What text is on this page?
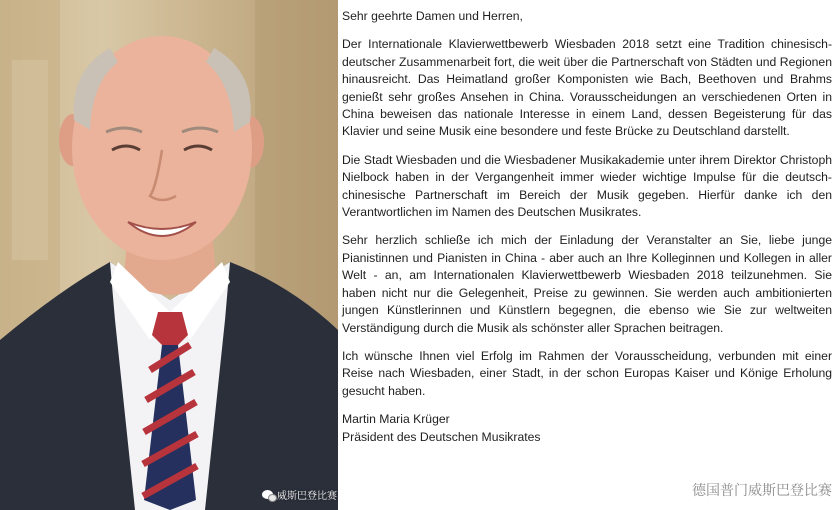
威斯巴登比赛

Sehr geehrte Damen und Herren,

Der Internationale Klavierwettbewerb Wiesbaden 2018 setzt eine Tradition chinesisch-deutscher Zusammenarbeit fort, die weit über die Partnerschaft von Städten und Regionen hinausreicht. Das Heimatland großer Komponisten wie Bach, Beethoven und Brahms genießt sehr großes Ansehen in China. Vorausscheidungen an verschiedenen Orten in China beweisen das nationale Interesse in einem Land, dessen Begeisterung für das Klavier und seine Musik eine besondere und feste Brücke zu Deutschland darstellt.

Die Stadt Wiesbaden und die Wiesbadener Musikakademie unter ihrem Direktor Christoph Nielbock haben in der Vergangenheit immer wieder wichtige Impulse für die deutsch-chinesische Partnerschaft im Bereich der Musik gegeben. Hierfür danke ich den Verantwortlichen im Namen des Deutschen Musikrates.

Sehr herzlich schließe ich mich der Einladung der Veranstalter an Sie, liebe junge Pianistinnen und Pianisten in China - aber auch an Ihre Kolleginnen und Kollegen in aller Welt - an, am Internationalen Klavierwettbewerb Wiesbaden 2018 teilzunehmen. Sie haben nicht nur die Gelegenheit, Preise zu gewinnen. Sie werden auch ambitionierten jungen Künstlerinnen und Künstlern begegnen, die ebenso wie Sie zur weltweiten Verständigung durch die Musik als schönster aller Sprachen beitragen.

Ich wünsche Ihnen viel Erfolg im Rahmen der Vorausscheidung, verbunden mit einer Reise nach Wiesbaden, einer Stadt, in der schon Europas Kaiser und Könige Erholung gesucht haben.

Martin Maria Krüger
Präsident des Deutschen Musikrates
德国普门威斯巴登比赛
